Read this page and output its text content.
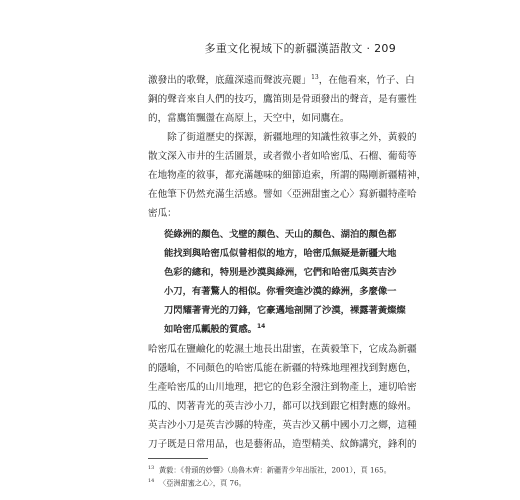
多重文化視域下的新疆漢語散文 · 209
激發出的歌聲，底蘊深遠而聲波亮麗」$^{13}$，在他看來，竹子、白
銅的聲音來自人們的技巧，鷹笛則是骨頭發出的聲音，是有靈性
的，當鷹笛飄盪在高原上，天空中，如同鷹在。
　　除了街道歷史的探源，新疆地理的知識性敘事之外，黃毅的
散文深入市井的生活圖景，或者微小者如哈密瓜、石榴、葡萄等
在地物產的敘事，都充滿趣味的細節追索，所謂的陽剛新疆精神，
在他筆下仍然充滿生活感。譬如〈亞洲甜蜜之心〉寫新疆特產哈
密瓜：
從綠洲的顏色、戈壁的顏色、天山的顏色、湖泊的顏色都
能找到與哈密瓜似曾相似的地方，哈密瓜無疑是新疆大地
色彩的總和，特別是沙漠與綠洲，它們和哈密瓜與英吉沙
小刀，有著驚人的相似。你看突進沙漠的綠洲，多麼像一
刀閃耀著青光的刀鋒，它豪邁地剖開了沙漠，裸露著黃燦燦
如哈密瓜瓤般的質感。$^{14}$
哈密瓜在鹽鹼化的乾濕土地長出甜蜜，在黃毅筆下，它成為新疆
的隱喻，不同顏色的哈密瓜能在新疆的特殊地理裡找到對應色，
生產哈密瓜的山川地理，把它的色彩全潑注到物產上，連切哈密
瓜的、閃著青光的英吉沙小刀，都可以找到跟它相對應的綠州。
英吉沙小刀是英吉沙縣的特產，英吉沙又稱中國小刀之鄉，這種
刀子既是日常用品，也是藝術品，造型精美、紋飾講究，鋒利的
$^{13}$ 黃毅：《骨頭的妙響》（烏魯木齊：新疆青少年出版社，2001），頁 165。
$^{14}$ 〈亞洲甜蜜之心〉，頁 76。
